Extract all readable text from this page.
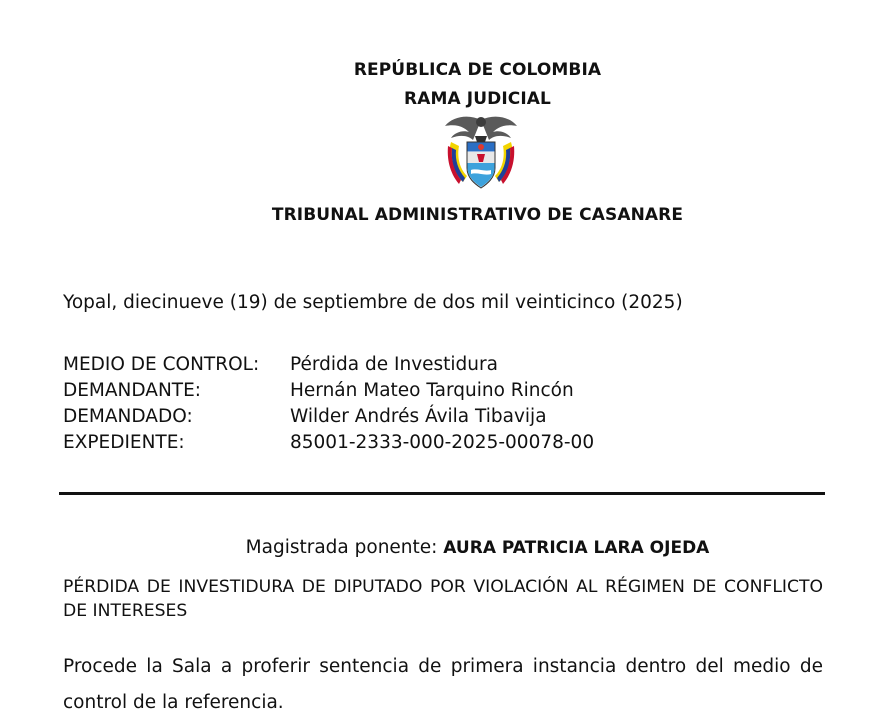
REPÚBLICA DE COLOMBIA
RAMA JUDICIAL
TRIBUNAL ADMINISTRATIVO DE CASANARE
Yopal, diecinueve (19) de septiembre de dos mil veinticinco (2025)
MEDIO DE CONTROL: Pérdida de Investidura
DEMANDANTE:	Hernán Mateo Tarquino Rincón
DEMANDADO:	Wilder Andrés Ávila Tibavija
EXPEDIENTE:	85001-2333-000-2025-00078-00
Magistrada ponente: AURA PATRICIA LARA OJEDA
PÉRDIDA DE INVESTIDURA DE DIPUTADO POR VIOLACIÓN AL RÉGIMEN DE CONFLICTO DE INTERESES
Procede la Sala a proferir sentencia de primera instancia dentro del medio de control de la referencia.
